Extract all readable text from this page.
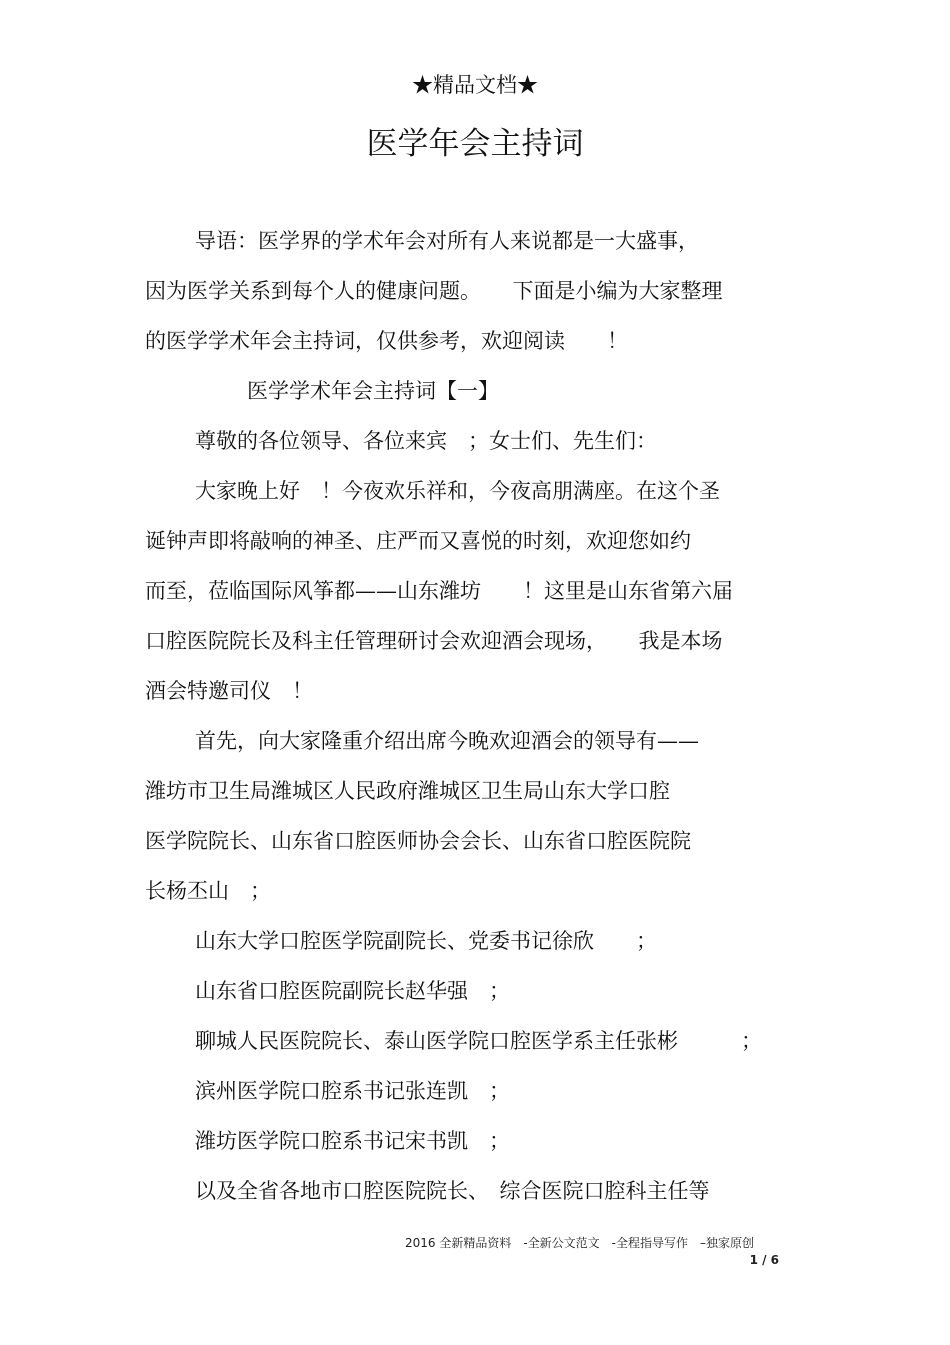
★精品文档★
医学年会主持词

导语：医学界的学术年会对所有人来说都是一大盛事，

因为医学关系到每个人的健康问题。　　下面是小编为大家整理

的医学学术年会主持词，仅供参考，欢迎阅读　　！

医学学术年会主持词【一】

尊敬的各位领导、各位来宾　；女士们、先生们：

大家晚上好　！今夜欢乐祥和，今夜高朋满座。在这个圣

诞钟声即将敲响的神圣、庄严而又喜悦的时刻，欢迎您如约

而至，莅临国际风筝都——山东潍坊　　！这里是山东省第六届

口腔医院院长及科主任管理研讨会欢迎酒会现场，　　我是本场

酒会特邀司仪　！

首先，向大家隆重介绍出席今晚欢迎酒会的领导有——

潍坊市卫生局潍城区人民政府潍城区卫生局山东大学口腔

医学院院长、山东省口腔医师协会会长、山东省口腔医院院

长杨丕山　；

山东大学口腔医学院副院长、党委书记徐欣　　；

山东省口腔医院副院长赵华强　；

聊城人民医院院长、泰山医学院口腔医学系主任张彬　　　；

滨州医学院口腔系书记张连凯　；

潍坊医学院口腔系书记宋书凯　；

以及全省各地市口腔医院院长、　综合医院口腔科主任等

2016 全新精品资料　-全新公文范文　-全程指导写作　–独家原创
1 / 6
